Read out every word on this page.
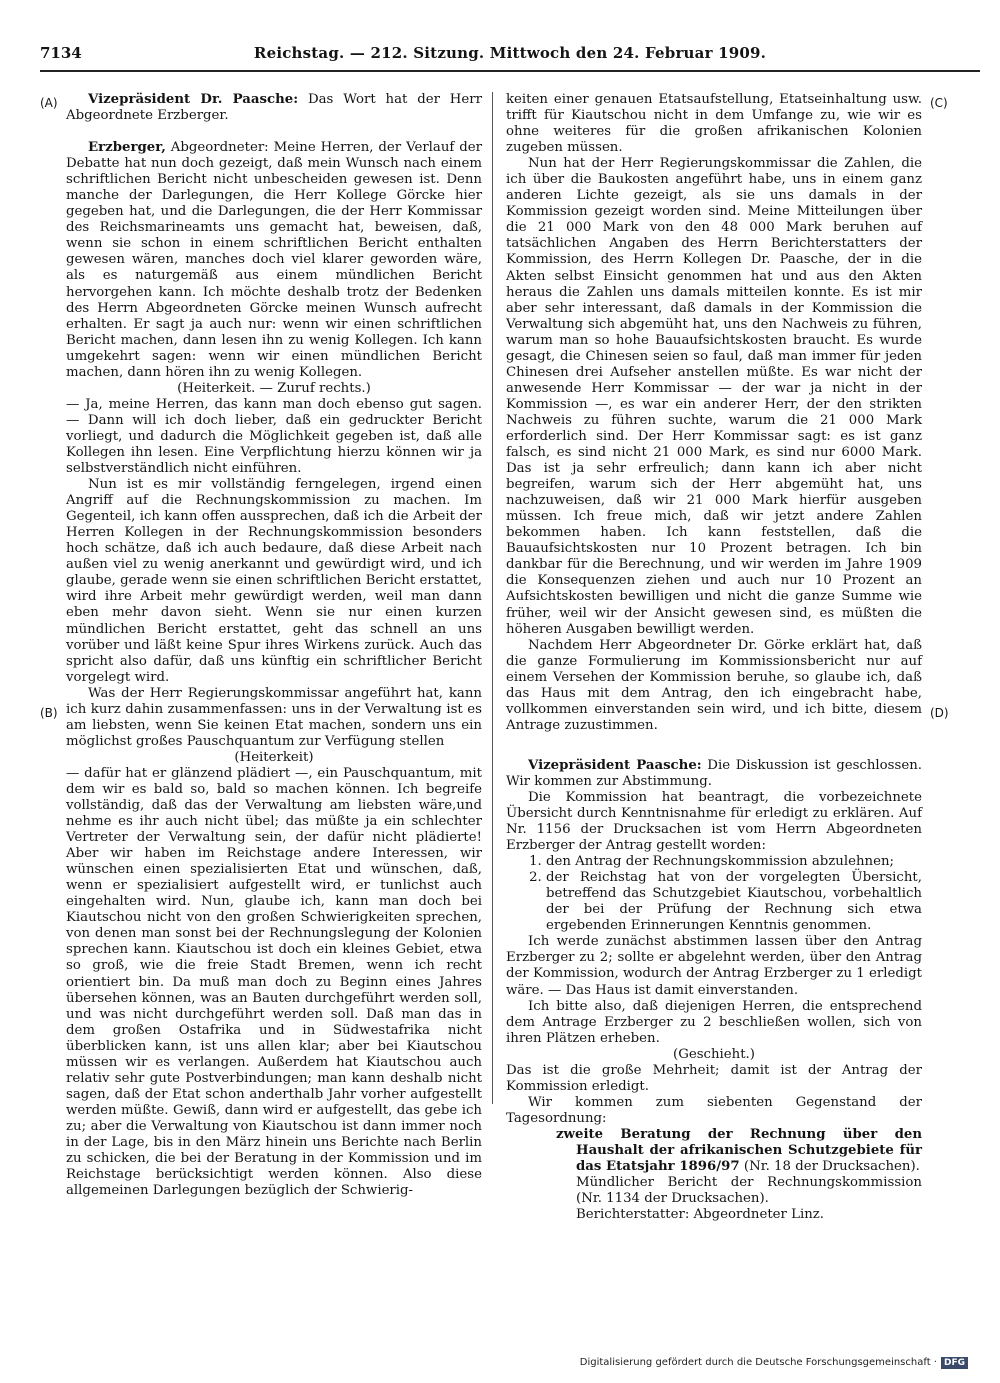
7134	Reichstag. — 212. Sitzung. Mittwoch den 24. Februar 1909.
(A)
(B)
(C)
(D)

Vizepräsident Dr. Paasche: Das Wort hat der Herr Abgeordnete Erzberger.

Erzberger, Abgeordneter: Meine Herren, der Verlauf der Debatte hat nun doch gezeigt, daß mein Wunsch nach einem schriftlichen Bericht nicht unbescheiden gewesen ist. Denn manche der Darlegungen, die Herr Kollege Görcke hier gegeben hat, und die Darlegungen, die der Herr Kommissar des Reichsmarineamts uns gemacht hat, beweisen, daß, wenn sie schon in einem schriftlichen Bericht enthalten gewesen wären, manches doch viel klarer geworden wäre, als es naturgemäß aus einem mündlichen Bericht hervorgehen kann. Ich möchte deshalb trotz der Bedenken des Herrn Abgeordneten Görcke meinen Wunsch aufrecht erhalten. Er sagt ja auch nur: wenn wir einen schriftlichen Bericht machen, dann lesen ihn zu wenig Kollegen. Ich kann umgekehrt sagen: wenn wir einen mündlichen Bericht machen, dann hören ihn zu wenig Kollegen.

(Heiterkeit. — Zuruf rechts.)

— Ja, meine Herren, das kann man doch ebenso gut sagen. — Dann will ich doch lieber, daß ein gedruckter Bericht vorliegt, und dadurch die Möglichkeit gegeben ist, daß alle Kollegen ihn lesen. Eine Verpflichtung hierzu können wir ja selbstverständlich nicht einführen.

Nun ist es mir vollständig ferngelegen, irgend einen Angriff auf die Rechnungskommission zu machen. Im Gegenteil, ich kann offen aussprechen, daß ich die Arbeit der Herren Kollegen in der Rechnungskommission besonders hoch schätze, daß ich auch bedaure, daß diese Arbeit nach außen viel zu wenig anerkannt und gewürdigt wird, und ich glaube, gerade wenn sie einen schriftlichen Bericht erstattet, wird ihre Arbeit mehr gewürdigt werden, weil man dann eben mehr davon sieht. Wenn sie nur einen kurzen mündlichen Bericht erstattet, geht das schnell an uns vorüber und läßt keine Spur ihres Wirkens zurück. Auch das spricht also dafür, daß uns künftig ein schriftlicher Bericht vorgelegt wird.

Was der Herr Regierungskommissar angeführt hat, kann ich kurz dahin zusammenfassen: uns in der Verwaltung ist es am liebsten, wenn Sie keinen Etat machen, sondern uns ein möglichst großes Pauschquantum zur Verfügung stellen

(Heiterkeit)

— dafür hat er glänzend plädiert —, ein Pauschquantum, mit dem wir es bald so, bald so machen können. Ich begreife vollständig, daß das der Verwaltung am liebsten wäre,und nehme es ihr auch nicht übel; das müßte ja ein schlechter Vertreter der Verwaltung sein, der dafür nicht plädierte! Aber wir haben im Reichstage andere Interessen, wir wünschen einen spezialisierten Etat und wünschen, daß, wenn er spezialisiert aufgestellt wird, er tunlichst auch eingehalten wird. Nun, glaube ich, kann man doch bei Kiautschou nicht von den großen Schwierigkeiten sprechen, von denen man sonst bei der Rechnungslegung der Kolonien sprechen kann. Kiautschou ist doch ein kleines Gebiet, etwa so groß, wie die freie Stadt Bremen, wenn ich recht orientiert bin. Da muß man doch zu Beginn eines Jahres übersehen können, was an Bauten durchgeführt werden soll, und was nicht durchgeführt werden soll. Daß man das in dem großen Ostafrika und in Südwestafrika nicht überblicken kann, ist uns allen klar; aber bei Kiautschou müssen wir es verlangen. Außerdem hat Kiautschou auch relativ sehr gute Postverbindungen; man kann deshalb nicht sagen, daß der Etat schon anderthalb Jahr vorher aufgestellt werden müßte. Gewiß, dann wird er aufgestellt, das gebe ich zu; aber die Verwaltung von Kiautschou ist dann immer noch in der Lage, bis in den März hinein uns Berichte nach Berlin zu schicken, die bei der Beratung in der Kommission und im Reichstage berücksichtigt werden können. Also diese allgemeinen Darlegungen bezüglich der Schwierig-

keiten einer genauen Etatsaufstellung, Etatseinhaltung usw. trifft für Kiautschou nicht in dem Umfange zu, wie wir es ohne weiteres für die großen afrikanischen Kolonien zugeben müssen.

Nun hat der Herr Regierungskommissar die Zahlen, die ich über die Baukosten angeführt habe, uns in einem ganz anderen Lichte gezeigt, als sie uns damals in der Kommission gezeigt worden sind. Meine Mitteilungen über die 21 000 Mark von den 48 000 Mark beruhen auf tatsächlichen Angaben des Herrn Berichterstatters der Kommission, des Herrn Kollegen Dr. Paasche, der in die Akten selbst Einsicht genommen hat und aus den Akten heraus die Zahlen uns damals mitteilen konnte. Es ist mir aber sehr interessant, daß damals in der Kommission die Verwaltung sich abgemüht hat, uns den Nachweis zu führen, warum man so hohe Bauaufsichtskosten braucht. Es wurde gesagt, die Chinesen seien so faul, daß man immer für jeden Chinesen drei Aufseher anstellen müßte. Es war nicht der anwesende Herr Kommissar — der war ja nicht in der Kommission —, es war ein anderer Herr, der den strikten Nachweis zu führen suchte, warum die 21 000 Mark erforderlich sind. Der Herr Kommissar sagt: es ist ganz falsch, es sind nicht 21 000 Mark, es sind nur 6000 Mark. Das ist ja sehr erfreulich; dann kann ich aber nicht begreifen, warum sich der Herr abgemüht hat, uns nachzuweisen, daß wir 21 000 Mark hierfür ausgeben müssen. Ich freue mich, daß wir jetzt andere Zahlen bekommen haben. Ich kann feststellen, daß die Bauaufsichtskosten nur 10 Prozent betragen. Ich bin dankbar für die Berechnung, und wir werden im Jahre 1909 die Konsequenzen ziehen und auch nur 10 Prozent an Aufsichtskosten bewilligen und nicht die ganze Summe wie früher, weil wir der Ansicht gewesen sind, es müßten die höheren Ausgaben bewilligt werden.

Nachdem Herr Abgeordneter Dr. Görke erklärt hat, daß die ganze Formulierung im Kommissionsbericht nur auf einem Versehen der Kommission beruhe, so glaube ich, daß das Haus mit dem Antrag, den ich eingebracht habe, vollkommen einverstanden sein wird, und ich bitte, diesem Antrage zuzustimmen.

Vizepräsident Paasche: Die Diskussion ist geschlossen. Wir kommen zur Abstimmung.

Die Kommission hat beantragt, die vorbezeichnete Übersicht durch Kenntnisnahme für erledigt zu erklären. Auf Nr. 1156 der Drucksachen ist vom Herrn Abgeordneten Erzberger der Antrag gestellt worden:

1. den Antrag der Rechnungskommission abzulehnen;
2. der Reichstag hat von der vorgelegten Übersicht, betreffend das Schutzgebiet Kiautschou, vorbehaltlich der bei der Prüfung der Rechnung sich etwa ergebenden Erinnerungen Kenntnis genommen.

Ich werde zunächst abstimmen lassen über den Antrag Erzberger zu 2; sollte er abgelehnt werden, über den Antrag der Kommission, wodurch der Antrag Erzberger zu 1 erledigt wäre. — Das Haus ist damit einverstanden.

Ich bitte also, daß diejenigen Herren, die entsprechend dem Antrage Erzberger zu 2 beschließen wollen, sich von ihren Plätzen erheben.

(Geschieht.)

Das ist die große Mehrheit; damit ist der Antrag der Kommission erledigt.

Wir kommen zum siebenten Gegenstand der Tagesordnung:

zweite Beratung der Rechnung über den Haushalt der afrikanischen Schutzgebiete für das Etatsjahr 1896/97 (Nr. 18 der Drucksachen).

Mündlicher Bericht der Rechnungskommission (Nr. 1134 der Drucksachen).

Berichterstatter: Abgeordneter Linz.

Digitalisierung gefördert durch die Deutsche Forschungsgemeinschaft · DFG
